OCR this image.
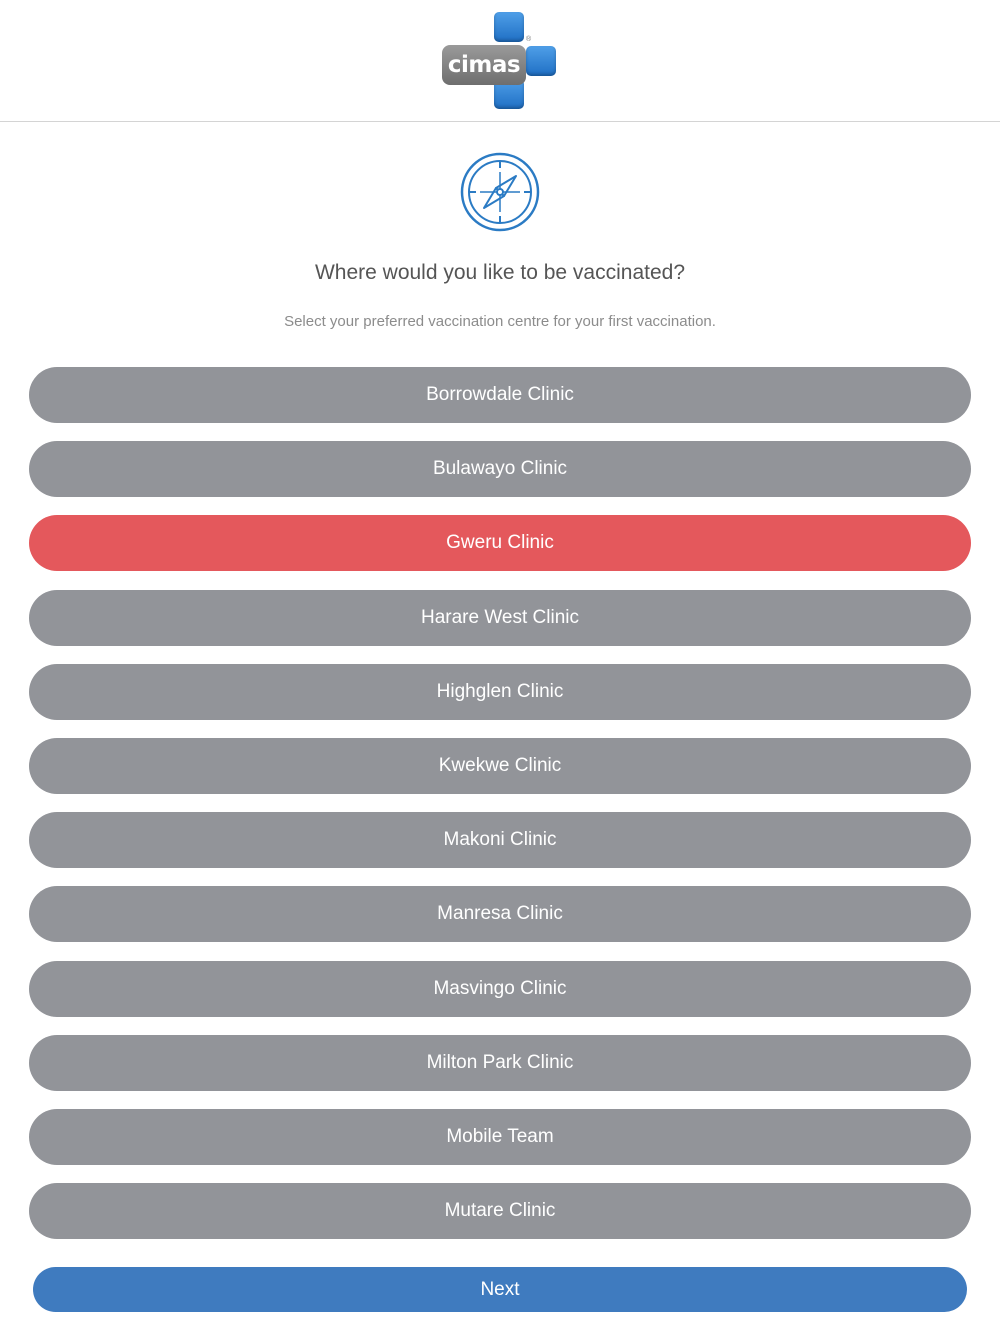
cimas
®
Where would you like to be vaccinated?
Select your preferred vaccination centre for your first vaccination.
Borrowdale Clinic
Bulawayo Clinic
Gweru Clinic
Harare West Clinic
Highglen Clinic
Kwekwe Clinic
Makoni Clinic
Manresa Clinic
Masvingo Clinic
Milton Park Clinic
Mobile Team
Mutare Clinic
Next
